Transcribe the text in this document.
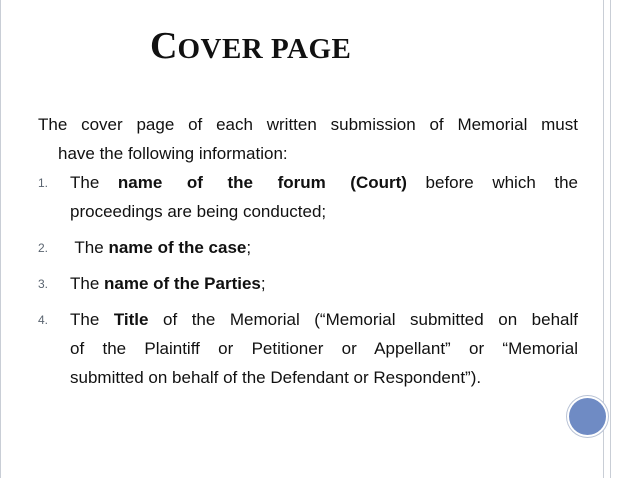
COVER PAGE

The cover page of each written submission of Memorial must
have the following information:

1. The name of the forum (Court) before which the
proceedings are being conducted;
2. The name of the case;
3. The name of the Parties;
4. The Title of the Memorial (“Memorial submitted on behalf
of the Plaintiff or Petitioner or Appellant” or “Memorial
submitted on behalf of the Defendant or Respondent”).
